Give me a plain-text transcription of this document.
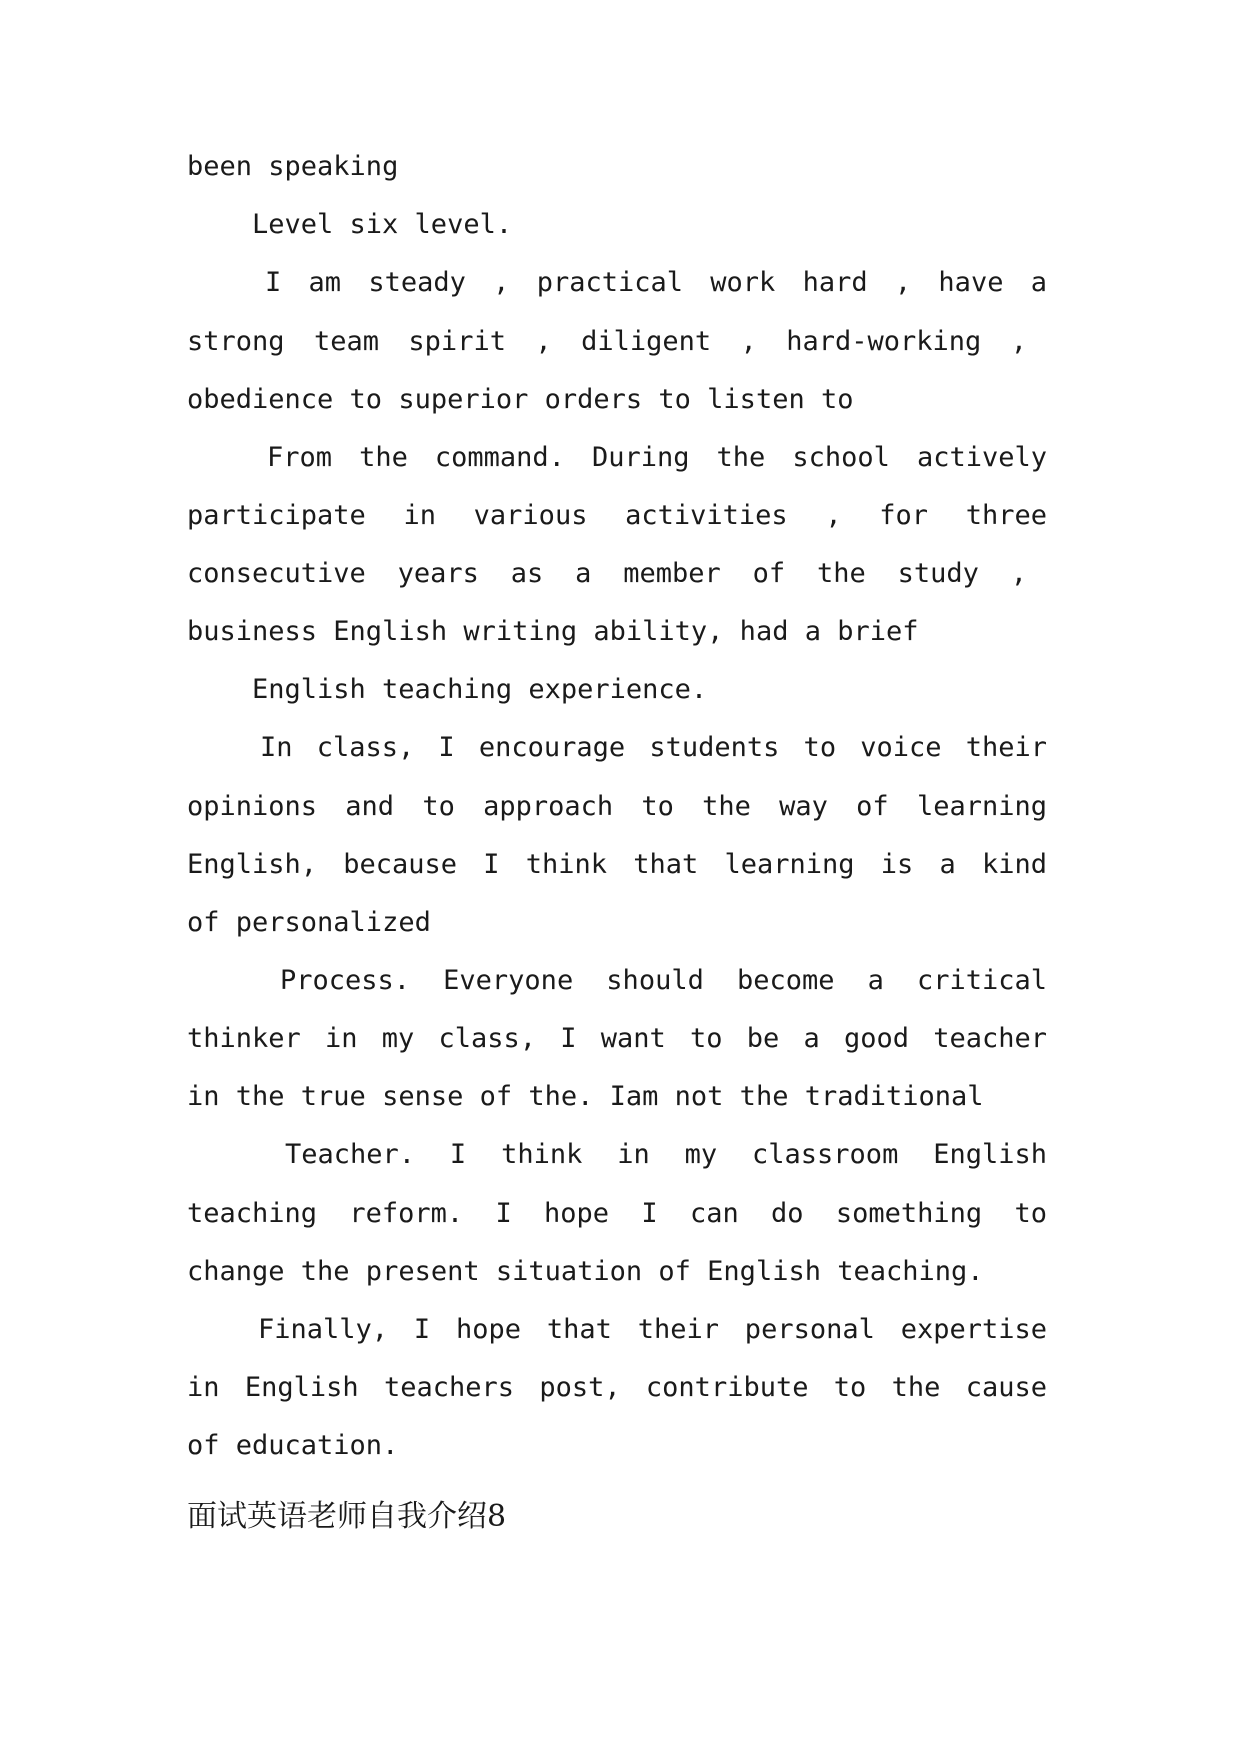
been speaking
Level six level.
I am steady , practical work hard , have a
strong team spirit , diligent , hard-working ,
obedience to superior orders to listen to
From the command. During the school actively
participate in various activities , for three
consecutive years as a member of the study ,
business English writing ability, had a brief
English teaching experience.
In class, I encourage students to voice their
opinions and to approach to the way of learning
English, because I think that learning is a kind
of personalized
Process. Everyone should become a critical
thinker in my class, I want to be a good teacher
in the true sense of the. Iam not the traditional
Teacher. I think in my classroom English
teaching reform. I hope I can do something to
change the present situation of English teaching.
Finally, I hope that their personal expertise
in English teachers post, contribute to the cause
of education.
面试英语老师自我介绍8
